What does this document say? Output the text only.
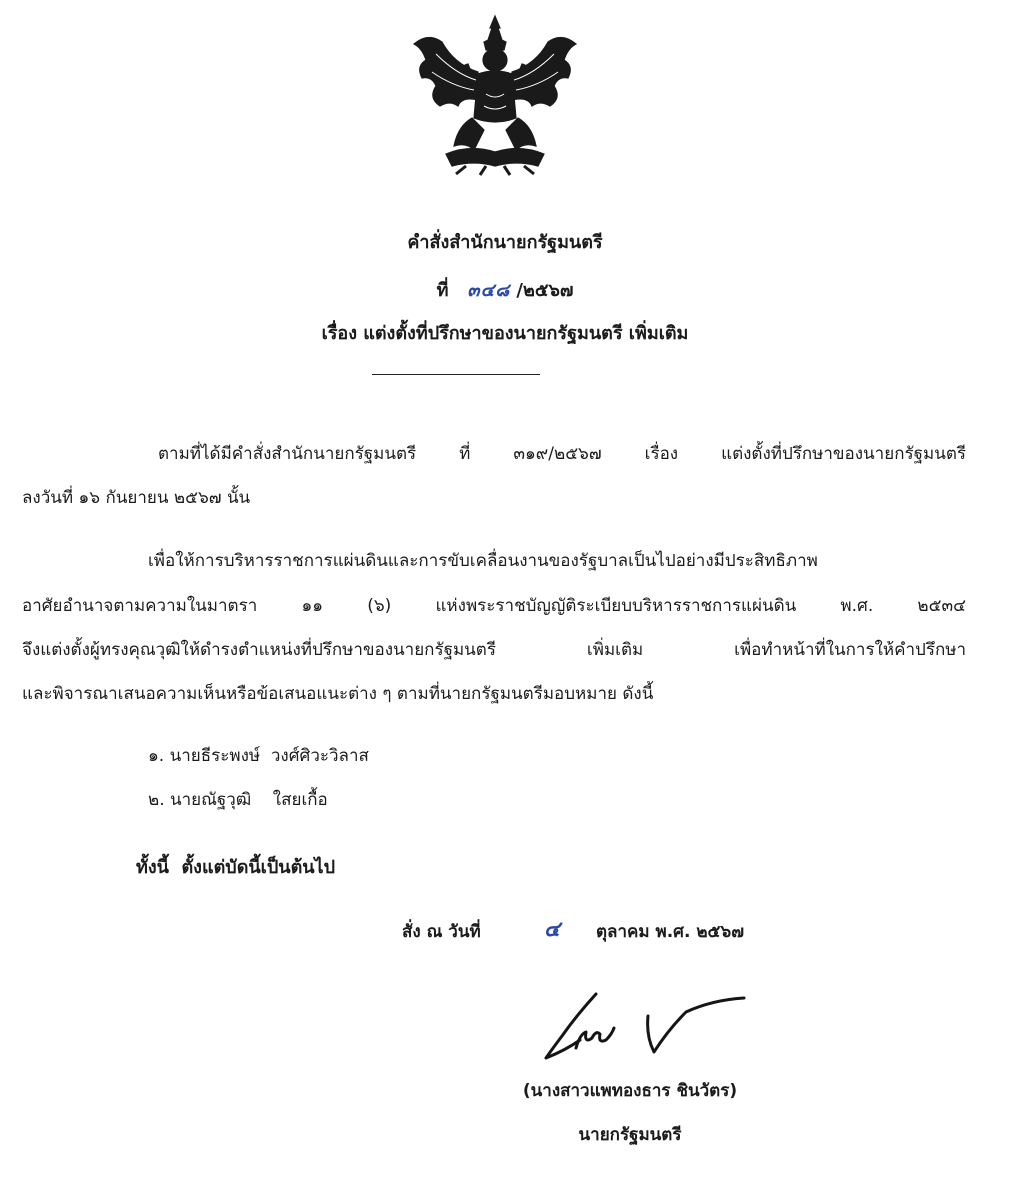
คำสั่งสำนักนายกรัฐมนตรี
ที่ ๓๔๘ /๒๕๖๗
เรื่อง แต่งตั้งที่ปรึกษาของนายกรัฐมนตรี เพิ่มเติม
ตามที่ได้มีคำสั่งสำนักนายกรัฐมนตรี ที่ ๓๑๙/๒๕๖๗ เรื่อง แต่งตั้งที่ปรึกษาของนายกรัฐมนตรี
ลงวันที่ ๑๖ กันยายน ๒๕๖๗ นั้น
เพื่อให้การบริหารราชการแผ่นดินและการขับเคลื่อนงานของรัฐบาลเป็นไปอย่างมีประสิทธิภาพ
อาศัยอำนาจตามความในมาตรา ๑๑ (๖) แห่งพระราชบัญญัติระเบียบบริหารราชการแผ่นดิน พ.ศ. ๒๕๓๔
จึงแต่งตั้งผู้ทรงคุณวุฒิให้ดำรงตำแหน่งที่ปรึกษาของนายกรัฐมนตรี เพิ่มเติม เพื่อทำหน้าที่ในการให้คำปรึกษา
และพิจารณาเสนอความเห็นหรือข้อเสนอแนะต่าง ๆ ตามที่นายกรัฐมนตรีมอบหมาย ดังนี้
๑. นายธีระพงษ์  วงศ์ศิวะวิลาส
๒. นายณัฐวุฒิ    ใสยเกื้อ
ทั้งนี้  ตั้งแต่บัดนี้เป็นต้นไป
สั่ง ณ วันที่	๔ ตุลาคม พ.ศ. ๒๕๖๗
(นางสาวแพทองธาร ชินวัตร)
นายกรัฐมนตรี
